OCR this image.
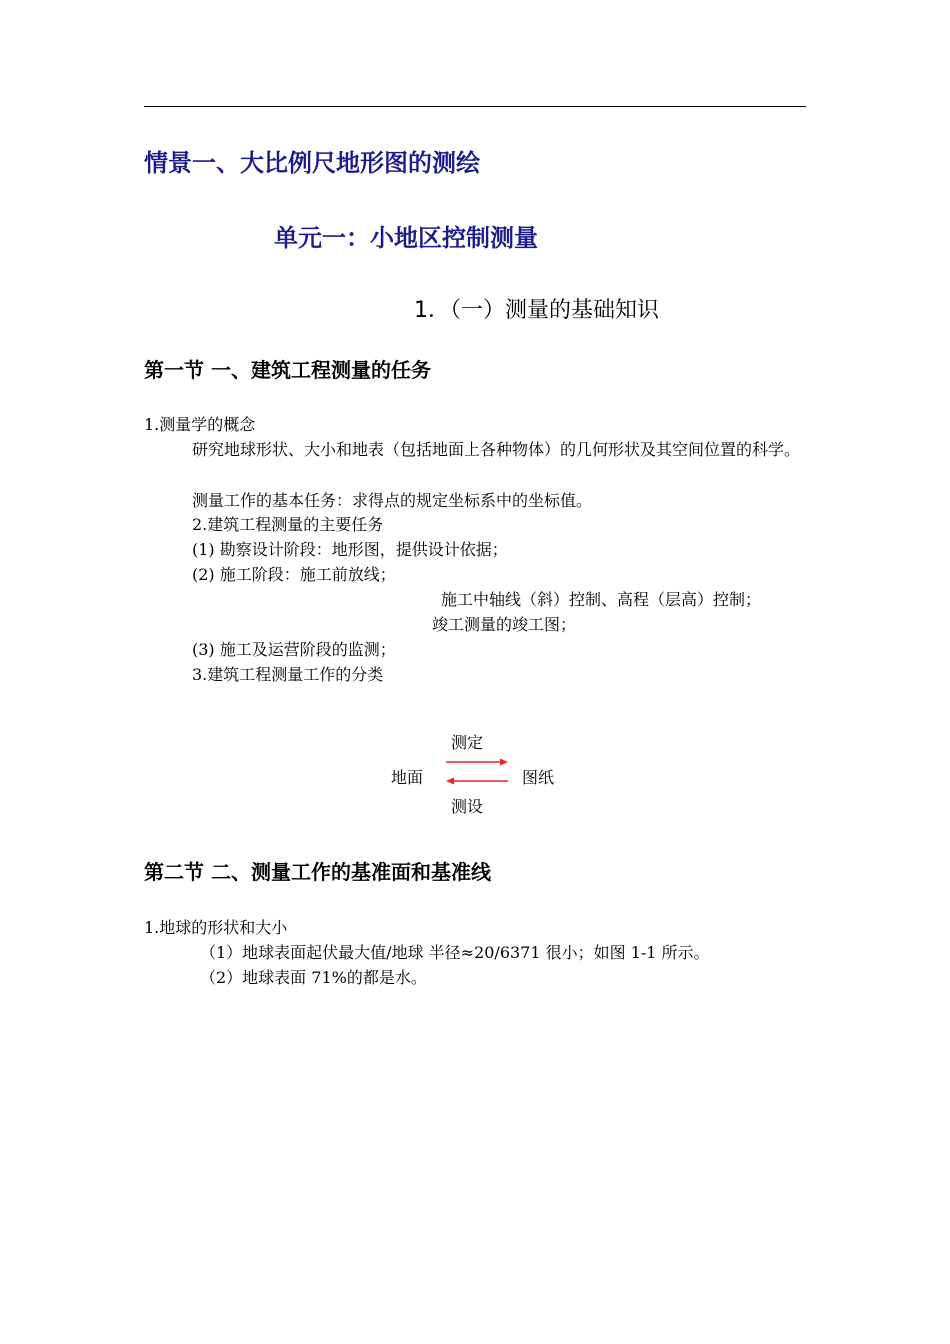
情景一、大比例尺地形图的测绘
单元一：小地区控制测量
1．（一）测量的基础知识
第一节 一、建筑工程测量的任务
1.测量学的概念
研究地球形状、大小和地表（包括地面上各种物体）的几何形状及其空间位置的科学。
测量工作的基本任务：求得点的规定坐标系中的坐标值。
2.建筑工程测量的主要任务
(1) 勘察设计阶段：地形图，提供设计依据；
(2) 施工阶段：施工前放线；
施工中轴线（斜）控制、高程（层高）控制；
竣工测量的竣工图；
(3) 施工及运营阶段的监测；
3.建筑工程测量工作的分类
测定
地面	图纸
测设
第二节 二、测量工作的基准面和基准线
1.地球的形状和大小
（1）地球表面起伏最大值/地球 半径≈20/6371 很小；如图 1-1 所示。
（2）地球表面 71%的都是水。
